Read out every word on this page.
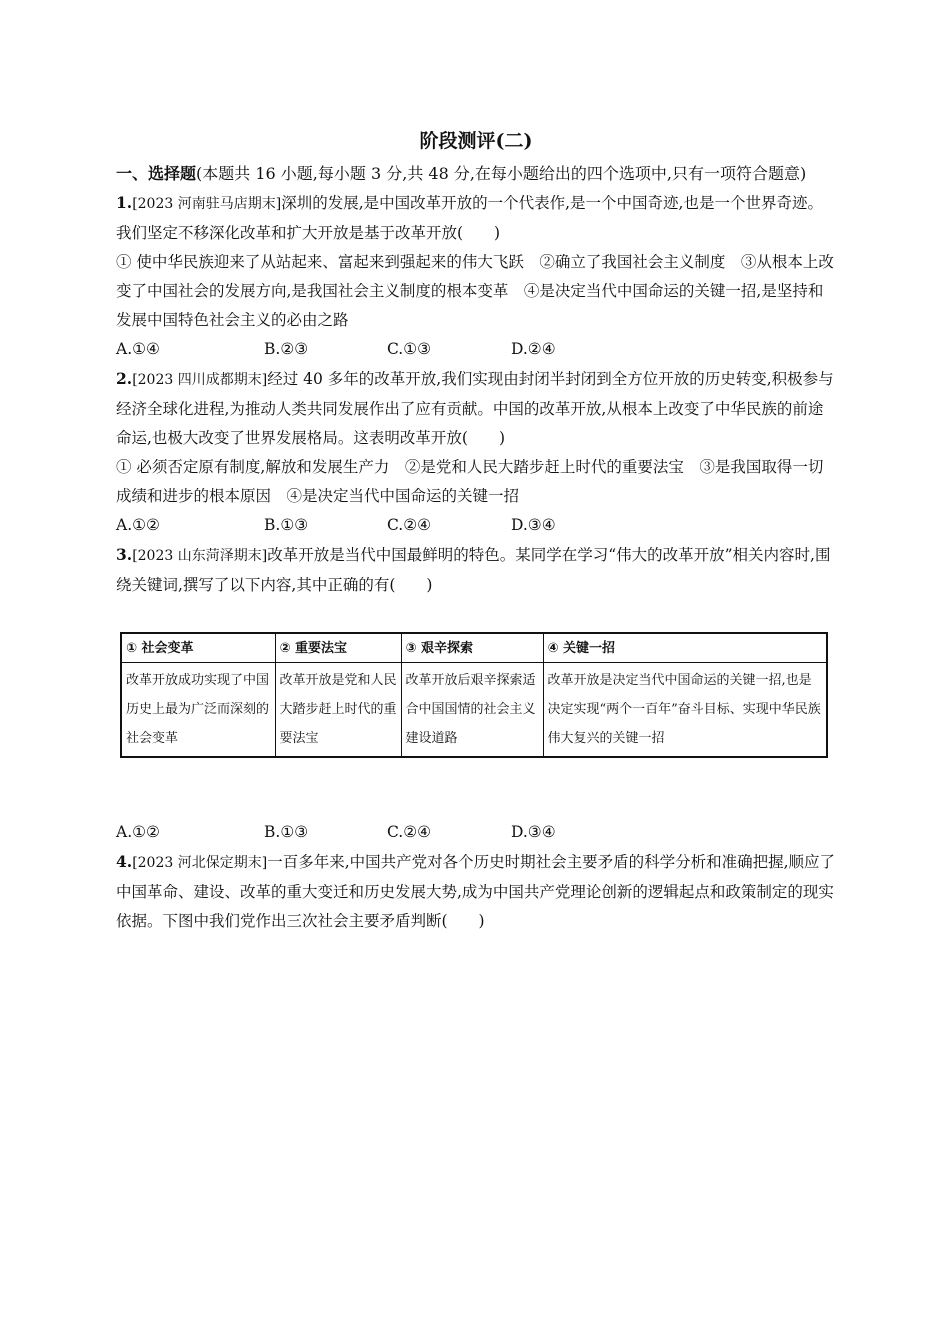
阶段测评(二)

一、选择题(本题共 16 小题,每小题 3 分,共 48 分,在每小题给出的四个选项中,只有一项符合题意)

1.[2023 河南驻马店期末]深圳的发展,是中国改革开放的一个代表作,是一个中国奇迹,也是一个世界奇迹。我们坚定不移深化改革和扩大开放是基于改革开放(　　)

① 使中华民族迎来了从站起来、富起来到强起来的伟大飞跃　②确立了我国社会主义制度　③从根本上改变了中国社会的发展方向,是我国社会主义制度的根本变革　④是决定当代中国命运的关键一招,是坚持和发展中国特色社会主义的必由之路

A.①④	B.②③	C.①③	D.②④

2.[2023 四川成都期末]经过 40 多年的改革开放,我们实现由封闭半封闭到全方位开放的历史转变,积极参与经济全球化进程,为推动人类共同发展作出了应有贡献。中国的改革开放,从根本上改变了中华民族的前途命运,也极大改变了世界发展格局。这表明改革开放(　　)

① 必须否定原有制度,解放和发展生产力　②是党和人民大踏步赶上时代的重要法宝　③是我国取得一切成绩和进步的根本原因　④是决定当代中国命运的关键一招

A.①②	B.①③	C.②④	D.③④

3.[2023 山东菏泽期末]改革开放是当代中国最鲜明的特色。某同学在学习“伟大的改革开放”相关内容时,围绕关键词,撰写了以下内容,其中正确的有(　　)

① 社会变革	② 重要法宝	③ 艰辛探索	④ 关键一招
改革开放成功实现了中国历史上最为广泛而深刻的社会变革	改革开放是党和人民大踏步赶上时代的重要法宝	改革开放后艰辛探索适合中国国情的社会主义建设道路	改革开放是决定当代中国命运的关键一招,也是决定实现“两个一百年”奋斗目标、实现中华民族伟大复兴的关键一招
A.①②	B.①③	C.②④	D.③④

4.[2023 河北保定期末]一百多年来,中国共产党对各个历史时期社会主要矛盾的科学分析和准确把握,顺应了中国革命、建设、改革的重大变迁和历史发展大势,成为中国共产党理论创新的逻辑起点和政策制定的现实依据。下图中我们党作出三次社会主要矛盾判断(　　)
